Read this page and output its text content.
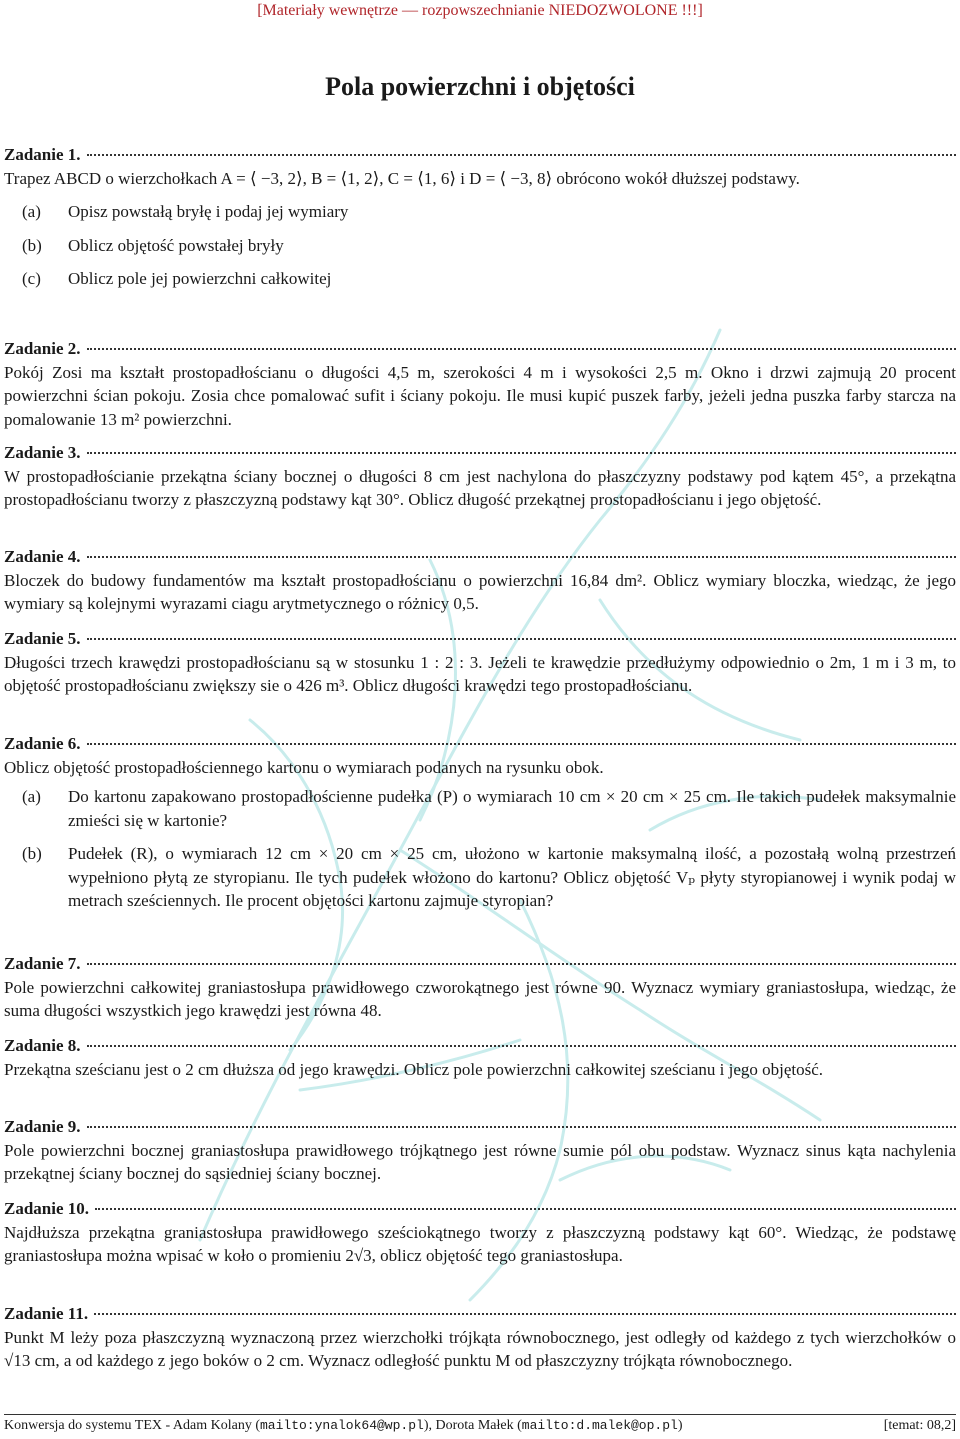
[Materiały wewnętrze — rozpowszechnianie NIEDOZWOLONE !!!]
Pola powierzchni i objętości
Zadanie 1.

Trapez ABCD o wierzchołkach A = ⟨ −3, 2⟩, B = ⟨1, 2⟩, C = ⟨1, 6⟩ i D = ⟨ −3, 8⟩ obrócono wokół dłuższej podstawy.

(a)	Opisz powstałą bryłę i podaj jej wymiary
(b)	Oblicz objętość powstałej bryły
(c)	Oblicz pole jej powierzchni całkowitej
Zadanie 2.

Pokój Zosi ma kształt prostopadłościanu o długości 4,5 m, szerokości 4 m i wysokości 2,5 m. Okno i drzwi zajmują 20 procent powierzchni ścian pokoju. Zosia chce pomalować sufit i ściany pokoju. Ile musi kupić puszek farby, jeżeli jedna puszka farby starcza na pomalowanie 13 m² powierzchni.

Zadanie 3.

W prostopadłościanie przekątna ściany bocznej o długości 8 cm jest nachylona do płaszczyzny podstawy pod kątem 45°, a przekątna prostopadłościanu tworzy z płaszczyzną podstawy kąt 30°. Oblicz długość przekątnej prostopadłościanu i jego objętość.

Zadanie 4.

Bloczek do budowy fundamentów ma kształt prostopadłościanu o powierzchni 16,84 dm². Oblicz wymiary bloczka, wiedząc, że jego wymiary są kolejnymi wyrazami ciagu arytmetycznego o różnicy 0,5.

Zadanie 5.

Długości trzech krawędzi prostopadłościanu są w stosunku 1 : 2 : 3. Jeżeli te krawędzie przedłużymy odpowiednio o 2m, 1 m i 3 m, to objętość prostopadłościanu zwiększy sie o 426 m³. Oblicz długości krawędzi tego prostopadłościanu.

Zadanie 6.

Oblicz objętość prostopadłościennego kartonu o wymiarach podanych na rysunku obok.

(a)	Do kartonu zapakowano prostopadłościenne pudełka (P) o wymiarach 10 cm × 20 cm × 25 cm. Ile takich pudełek maksymalnie zmieści się w kartonie?
(b)	Pudełek (R), o wymiarach 12 cm × 20 cm × 25 cm, ułożono w kartonie maksymalną ilość, a pozostałą wolną przestrzeń wypełniono płytą ze styropianu. Ile tych pudełek włożono do kartonu? Oblicz objętość Vₚ płyty styropianowej i wynik podaj w metrach sześciennych. Ile procent objętości kartonu zajmuje styropian?
Zadanie 7.

Pole powierzchni całkowitej graniastosłupa prawidłowego czworokątnego jest równe 90. Wyznacz wymiary graniastosłupa, wiedząc, że suma długości wszystkich jego krawędzi jest równa 48.

Zadanie 8.

Przekątna sześcianu jest o 2 cm dłuższa od jego krawędzi. Oblicz pole powierzchni całkowitej sześcianu i jego objętość.

Zadanie 9.

Pole powierzchni bocznej graniastosłupa prawidłowego trójkątnego jest równe sumie pól obu podstaw. Wyznacz sinus kąta nachylenia przekątnej ściany bocznej do sąsiedniej ściany bocznej.

Zadanie 10.

Najdłuższa przekątna graniastosłupa prawidłowego sześciokątnego tworzy z płaszczyzną podstawy kąt 60°. Wiedząc, że podstawę graniastosłupa można wpisać w koło o promieniu 2√3, oblicz objętość tego graniastosłupa.

Zadanie 11.

Punkt M leży poza płaszczyzną wyznaczoną przez wierzchołki trójkąta równobocznego, jest odległy od każdego z tych wierzchołków o √13 cm, a od każdego z jego boków o 2 cm. Wyznacz odległość punktu M od płaszczyzny trójkąta równobocznego.

Konwersja do systemu TEX - Adam Kolany (mailto:ynalok64@wp.pl), Dorota Małek (mailto:d.malek@op.pl)	[temat: 08,2]
